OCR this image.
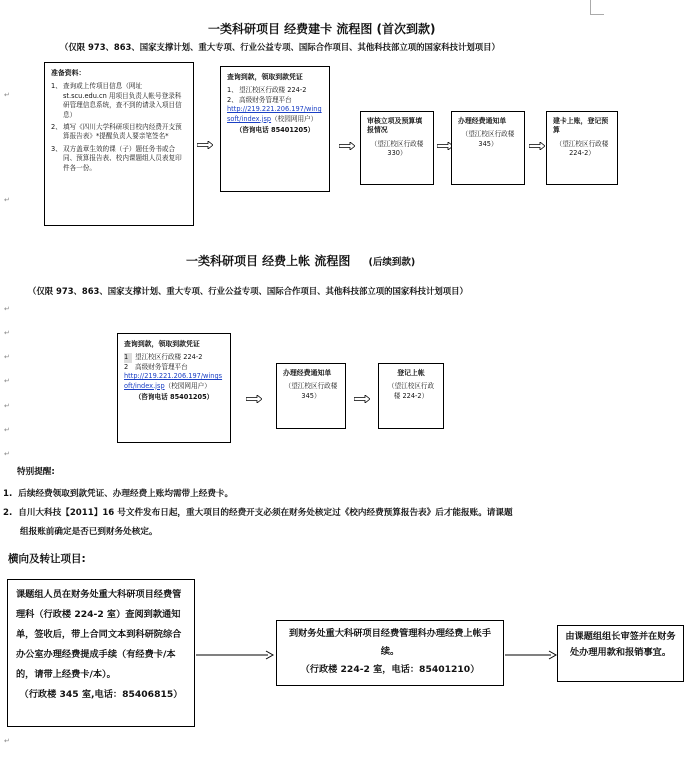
一类科研项目 经费建卡 流程图 (首次到款)
（仅限 973、863、国家支撑计划、重大专项、行业公益专项、国际合作项目、其他科技部立项的国家科技计划项目）
准备资料：
1、 查询或上传项目信息（网址 st.scu.edu.cn 用项目负责人帐号登录科研管理信息系统，查不到的请录入项目信息）
2、 填写《四川大学科研项目校内经费开支预算报告表》*提醒负责人要亲笔签名*
3、 双方盖章生效的课（子）题任务书或合同、预算报告表、校内课题组人员表复印件各一份。
查询到款，领取到款凭证
1、 望江校区行政楼 224-2
2、 高级财务管理平台
http://219.221.206.197/wingsoft/index.jsp（校园网用户）
（咨询电话 85401205）
审核立项及预算填报情况
（望江校区行政楼 330）
办理经费通知单
（望江校区行政楼 345）
建卡上账，登记预算
（望江校区行政楼 224-2）
一类科研项目 经费上帐 流程图 (后续到款)
（仅限 973、863、国家支撑计划、重大专项、行业公益专项、国际合作项目、其他科技部立项的国家科技计划项目）
查询到款，领取到款凭证
1	望江校区行政楼 224-2
2	高级财务管理平台
http://219.221.206.197/wingsoft/index.jsp（校园网用户）
（咨询电话 85401205）
办理经费通知单
（望江校区行政楼 345）
登记上帐
（望江校区行政楼 224-2）
特别提醒:
1. 后续经费领取到款凭证、办理经费上账均需带上经费卡。
2. 自川大科技【2011】16 号文件发布日起，重大项目的经费开支必须在财务处核定过《校内经费预算报告表》后才能报账。请课题
组报账前确定是否已到财务处核定。
横向及转让项目:
课题组人员在财务处重大科研项目经费管理科（行政楼 224-2 室）查阅到款通知单，签收后，带上合同文本到科研院综合办公室办理经费提成手续（有经费卡/本的，请带上经费卡/本）。
（行政楼 345 室,电话：85406815）
到财务处重大科研项目经费管理科办理经费上帐手续。
（行政楼 224-2 室，电话：85401210）
由课题组组长审签并在财务处办理用款和报销事宜。
↵
↵
↵
↵
↵
↵
↵
↵
↵
↵
